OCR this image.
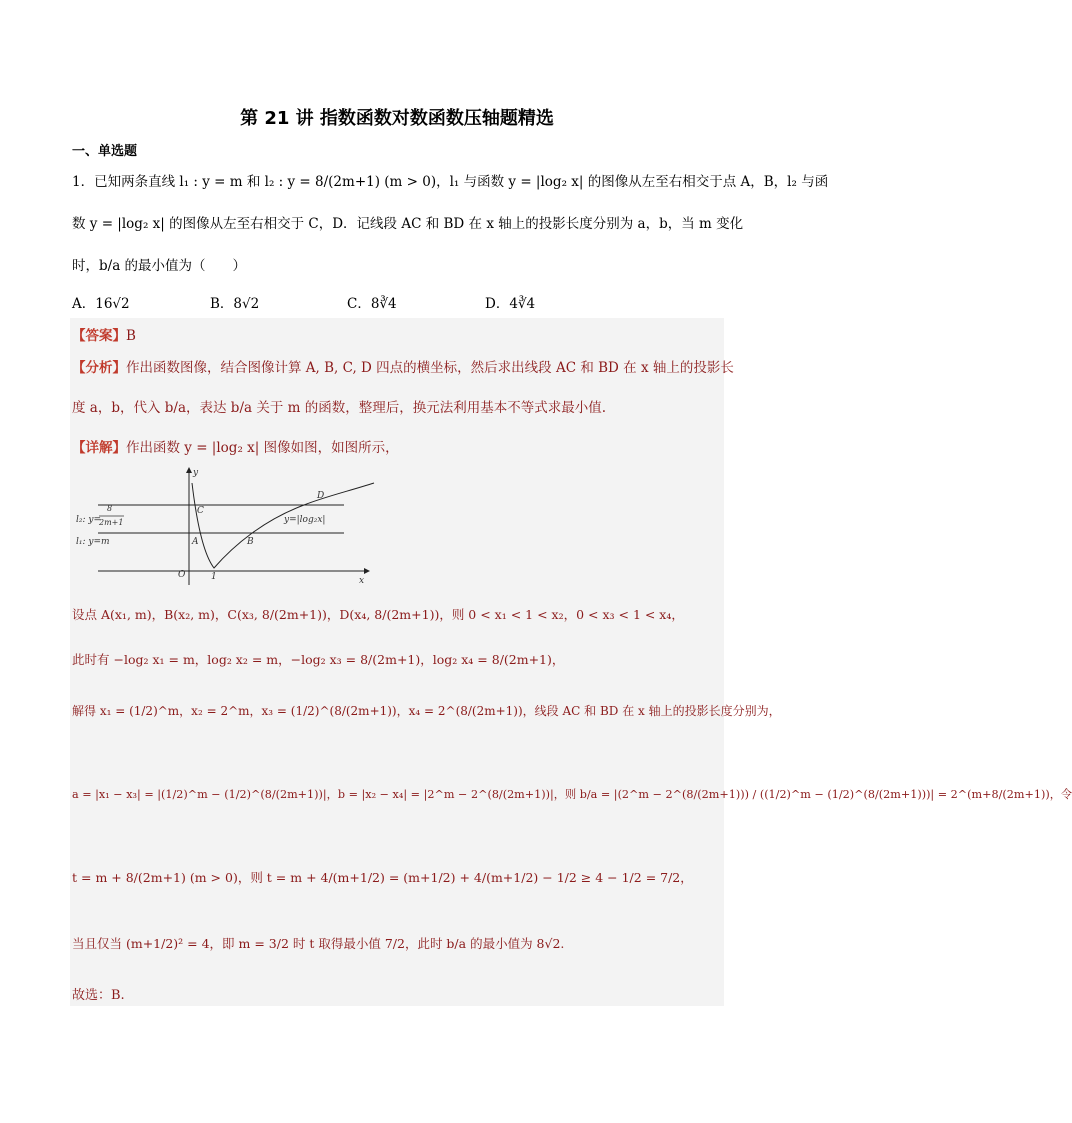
第 21 讲 指数函数对数函数压轴题精选
一、单选题
1．已知两条直线 l₁ : y = m 和 l₂ : y = 8/(2m+1) (m > 0)，l₁ 与函数 y = |log₂ x| 的图像从左至右相交于点 A，B，l₂ 与函
数 y = |log₂ x| 的图像从左至右相交于 C，D．记线段 AC 和 BD 在 x 轴上的投影长度分别为 a，b，当 m 变化
时，b/a 的最小值为（　　）
A．16√2	B．8√2	C．8∛4	D．4∛4
【答案】B
【分析】作出函数图像，结合图像计算 A, B, C, D 四点的横坐标，然后求出线段 AC 和 BD 在 x 轴上的投影长
度 a，b，代入 b/a，表达 b/a 关于 m 的函数，整理后，换元法利用基本不等式求最小值.
【详解】作出函数 y = |log₂ x| 图像如图，如图所示，
l₂: y=
8
2m+1
l₁: y=m
y=|log₂x|
C
A	B
D
O	1	x
y
设点 A(x₁, m)，B(x₂, m)，C(x₃, 8/(2m+1))，D(x₄, 8/(2m+1))，则 0 < x₁ < 1 < x₂，0 < x₃ < 1 < x₄，
此时有 −log₂ x₁ = m，log₂ x₂ = m，−log₂ x₃ = 8/(2m+1)，log₂ x₄ = 8/(2m+1)，
解得 x₁ = (1/2)^m，x₂ = 2^m，x₃ = (1/2)^(8/(2m+1))，x₄ = 2^(8/(2m+1))，线段 AC 和 BD 在 x 轴上的投影长度分别为，
a = |x₁ − x₃| = |(1/2)^m − (1/2)^(8/(2m+1))|，b = |x₂ − x₄| = |2^m − 2^(8/(2m+1))|，则 b/a = |(2^m − 2^(8/(2m+1))) / ((1/2)^m − (1/2)^(8/(2m+1)))| = 2^(m+8/(2m+1))，令
t = m + 8/(2m+1) (m > 0)，则 t = m + 4/(m+1/2) = (m+1/2) + 4/(m+1/2) − 1/2 ≥ 4 − 1/2 = 7/2，
当且仅当 (m+1/2)² = 4，即 m = 3/2 时 t 取得最小值 7/2，此时 b/a 的最小值为 8√2.
故选：B.
